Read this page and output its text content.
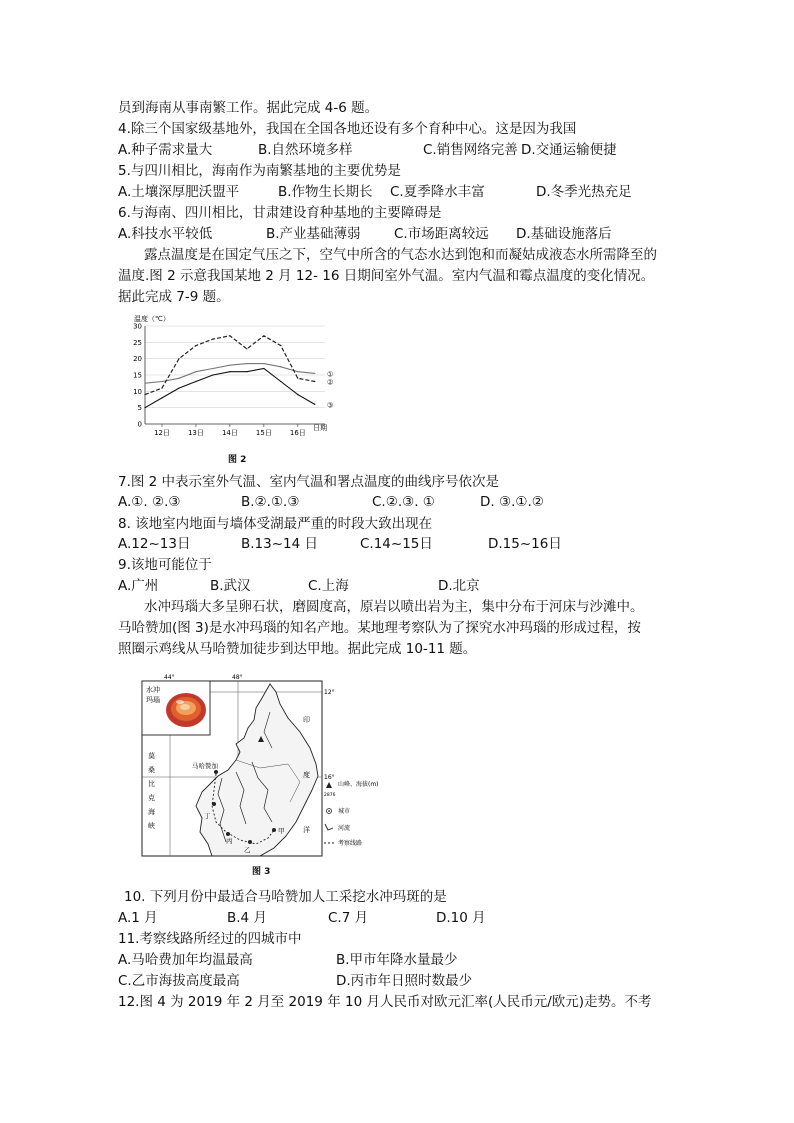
员到海南从事南繁工作。据此完成 4-6 题。
4.除三个国家级基地外，我国在全国各地还设有多个育种中心。这是因为我国
A.种子需求量大	B.自然环境多样	C.销售网络完善 D.交通运输便捷
5.与四川相比，海南作为南繁基地的主要优势是
A.土壤深厚肥沃盟平	B.作物生长期长 C.夏季降水丰富	D.冬季光热充足
6.与海南、四川相比，甘肃建设育种基地的主要障碍是
A.科技水平较低	B.产业基础薄弱 C.市场距离较远 D.基础设施落后
露点温度是在国定气压之下，空气中所含的气态水达到饱和而凝姑成液态水所需降至的
温度.图 2 示意我国某地 2 月 12- 16 日期间室外气温。室内气温和霉点温度的变化情况。
据此完成 7-9 题。
温度（℃）
30
25
20
15
10
5
0
12日	13日	14日	15日	16日
①
②
③
日期
图 2
7.图 2 中表示室外气温、室内气温和署点温度的曲线序号依次是
A.①. ②.③	B.②.①.③	C.②.③. ①	D. ③.①.②
8. 该地室内地面与墙体受湖最严重的时段大致出现在
A.12~13日	B.13~14 日	C.14~15日	D.15~16日
9.该地可能位于
A.广州	B.武汉	C.上海	D.北京
水冲玛瑙大多呈卵石状，磨圆度高，原岩以喷出岩为主，集中分布于河床与沙滩中。
马哈赞加(图 3)是水冲玛瑙的知名产地。某地理考察队为了探究水冲玛瑙的形成过程，按
照圈示鸡线从马哈赞加徒步到达甲地。据此完成 10-11 题。
44°	48°
12°
16°
水冲
玛瑙
莫
桑
比
克
海
峡
印
度
洋
马哈赞加
甲
乙
丙
丁
2876
山峰、海拔(m)
城市
河流
考察线路
图 3
10. 下列月份中最适合马哈赞加人工采挖水冲玛斑的是
A.1 月	B.4 月	C.7 月	D.10 月
11.考察线路所经过的四城市中
A.马哈费加年均温最高	B.甲市年降水量最少
C.乙市海拔高度最高	D.丙市年日照时数最少
12.图 4 为 2019 年 2 月至 2019 年 10 月人民币对欧元汇率(人民币元/欧元)走势。不考
